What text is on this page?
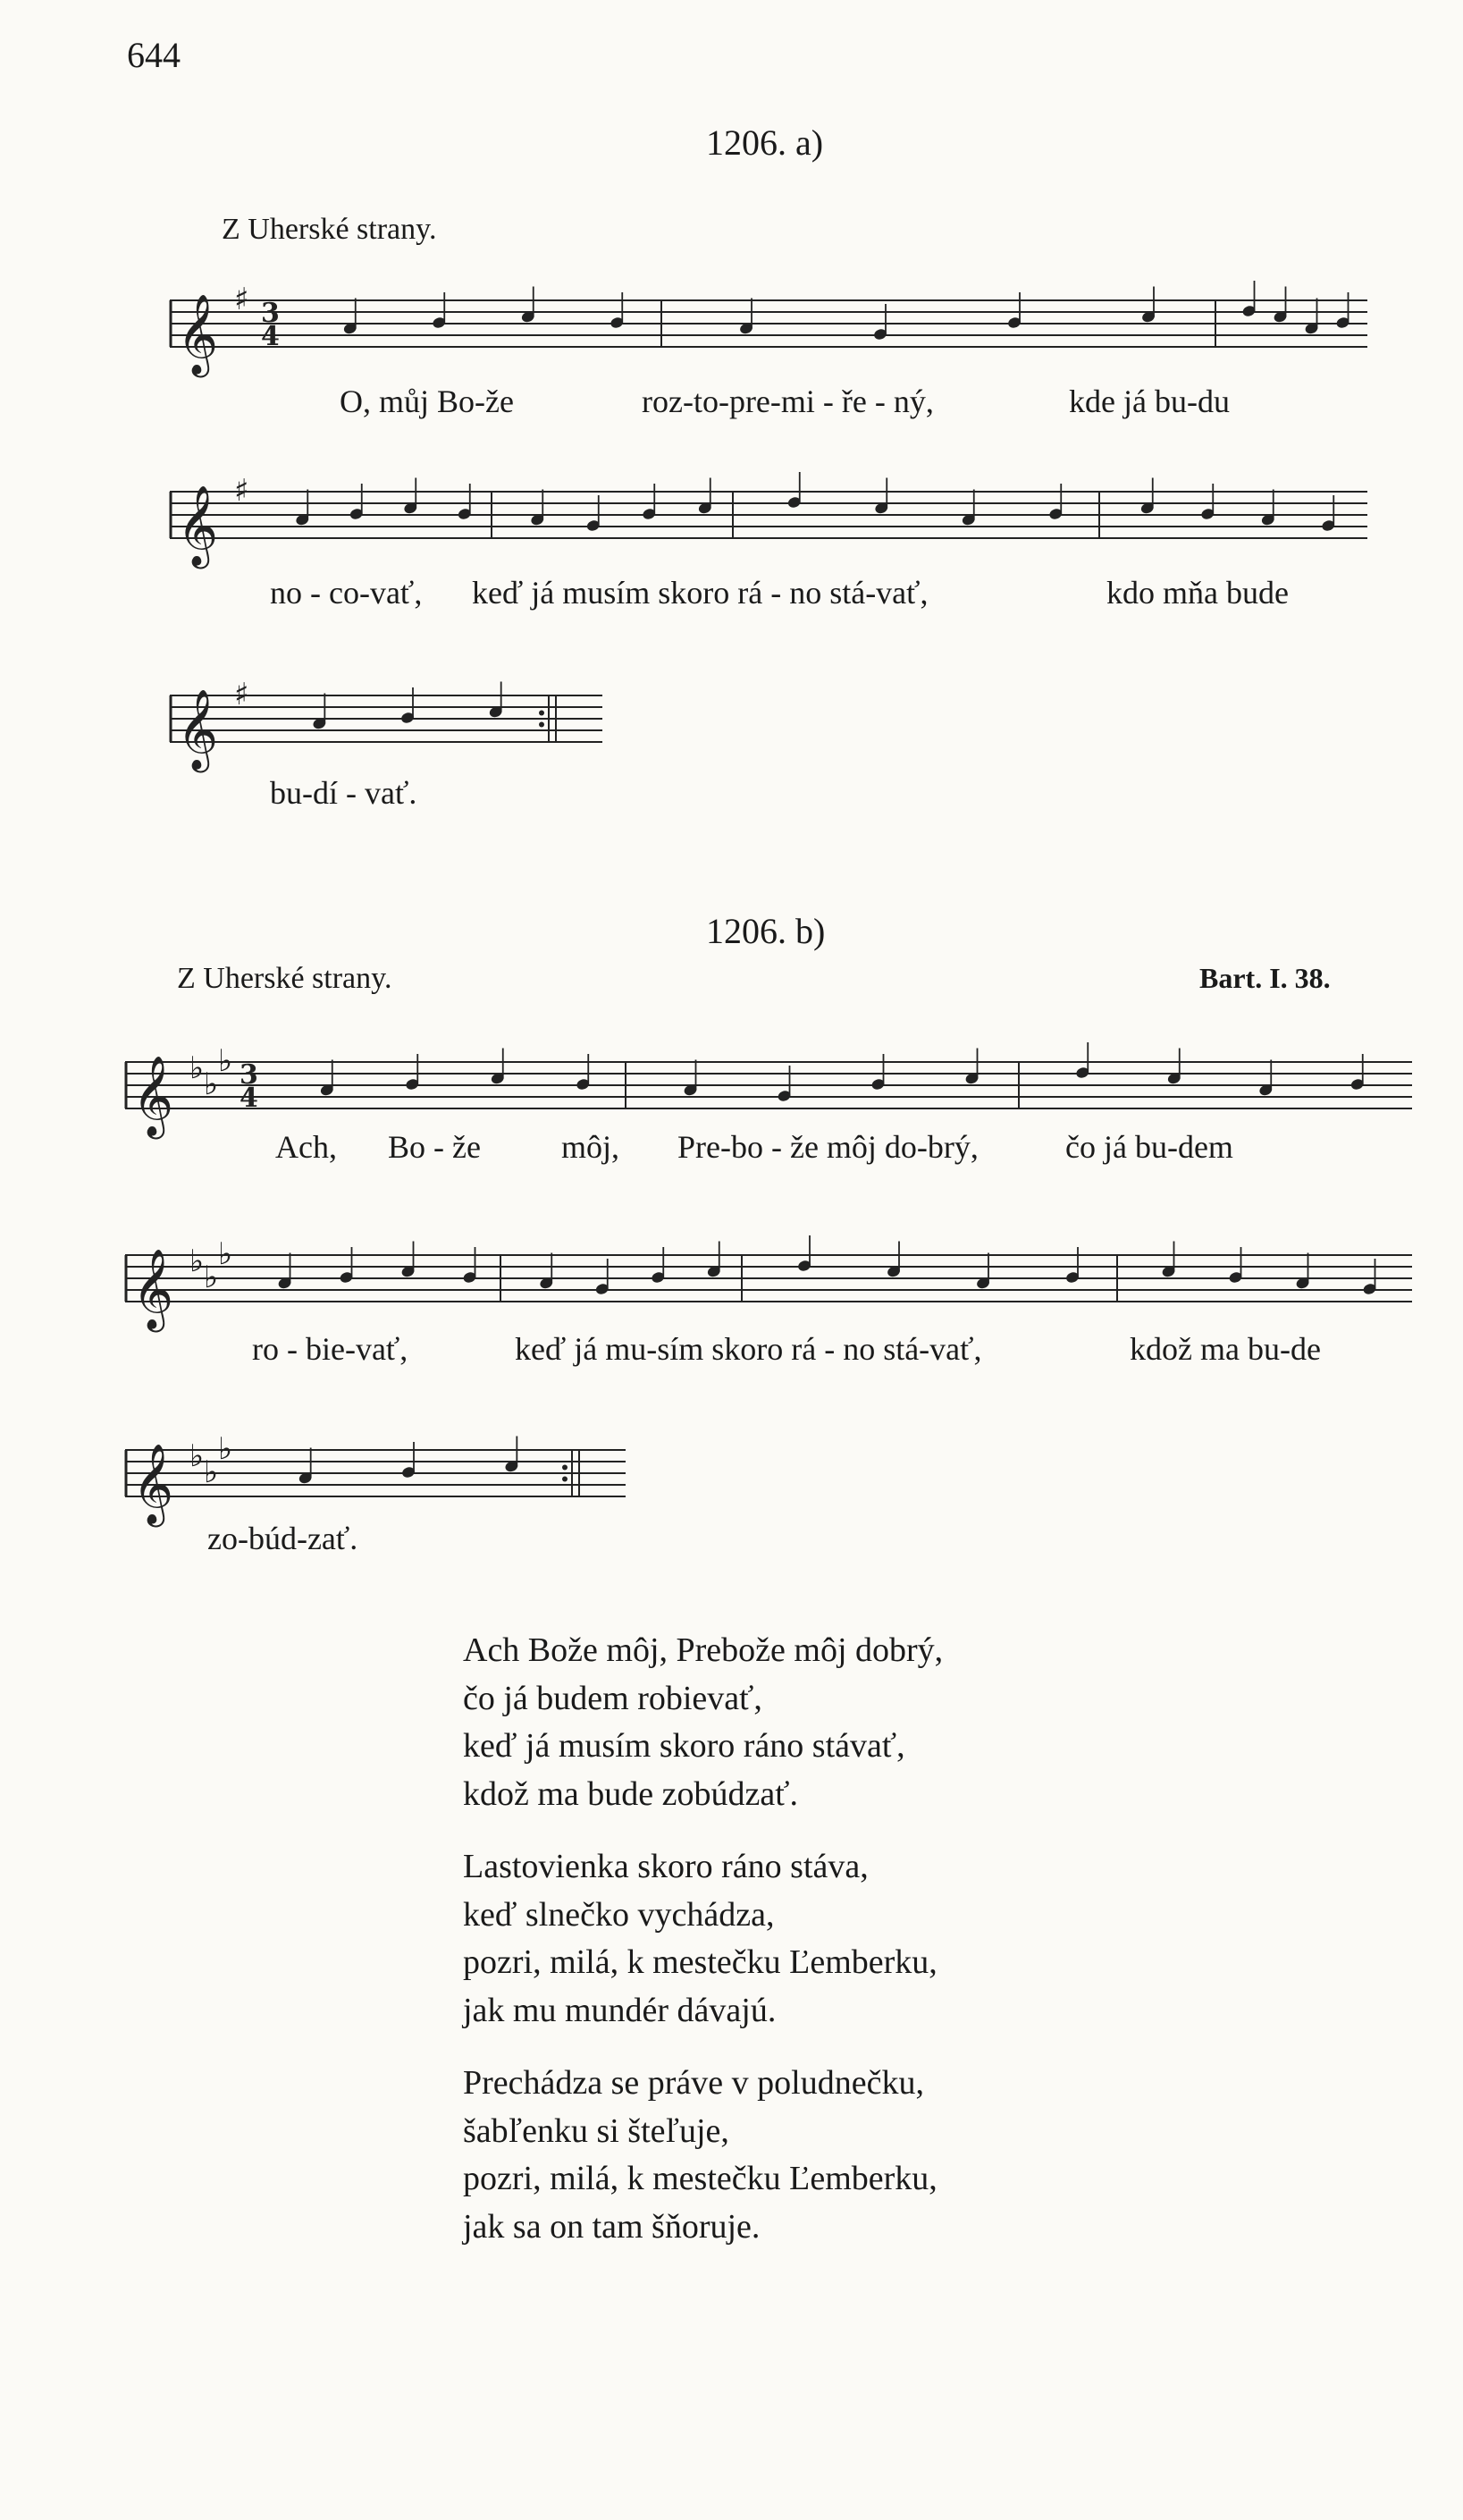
644
1206. a)
Z Uherské strany.
𝄞 ♯ 3
4
O, můj Bo-že	roz-to-pre-mi - ře - ný,	kde já bu-du
𝄞 ♯
no - co-vať, keď já musím skoro rá - no stá-vať,	kdo mňa bude
𝄞 ♯
bu-dí - vať.
1206. b)
Z Uherské strany.	Bart. I. 38.
𝄞 ♭ ♭
♭ 3
4
Ach, Bo - že	môj, Pre-bo - že môj do-brý,	čo já bu-dem
𝄞 ♭ ♭
♭
ro - bie-vať,	keď já mu-sím skoro rá - no stá-vať,	kdož ma bu-de
𝄞 ♭ ♭
♭
zo-búd-zať.
Ach Bože môj, Prebože môj dobrý,
čo já budem robievať,
keď já musím skoro ráno stávať,
kdož ma bude zobúdzať.
Lastovienka skoro ráno stáva,
keď slnečko vychádza,
pozri, milá, k mestečku Ľemberku,
jak mu mundér dávajú.
Prechádza se práve v poludnečku,
šabľenku si šteľuje,
pozri, milá, k mestečku Ľemberku,
jak sa on tam šňoruje.
